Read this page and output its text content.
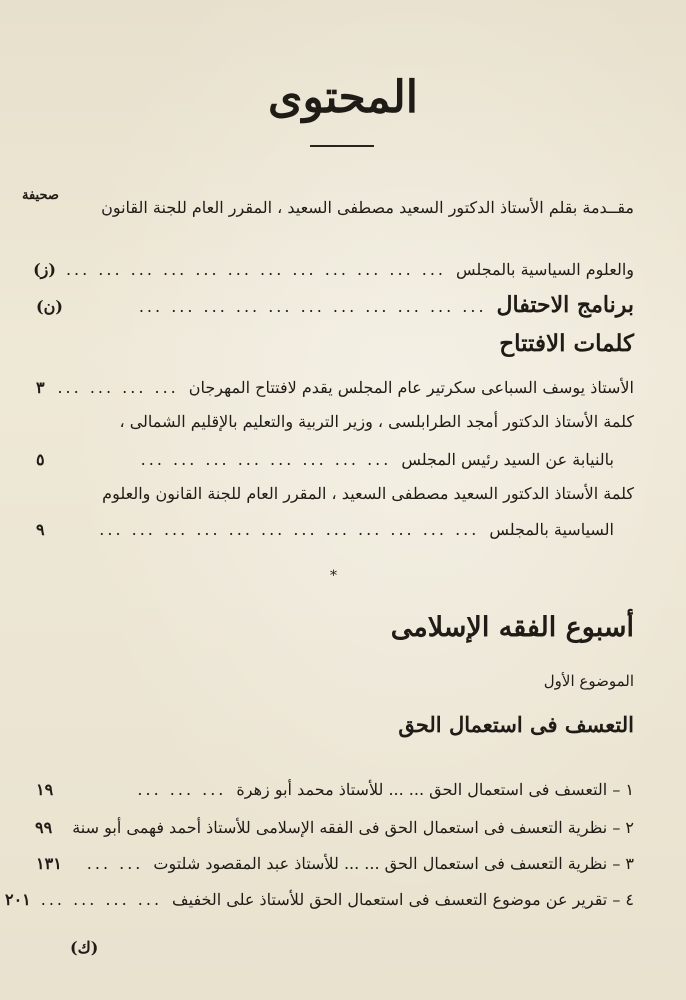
المحتوى
صحيفة
مقــدمة بقلم الأستاذ الدكتور السعيد مصطفى السعيد ، المقرر العام للجنة القانون
والعلوم السياسية بالمجلس
... ... ... ... ... ... ... ... ... ... ... ...
(ز)
برنامج الاحتفال
... ... ... ... ... ... ... ... ... ... ...
(ن)
كلمات الافتتاح
الأستاذ يوسف السباعى سكرتير عام المجلس يقدم لافتتاح المهرجان
... ... ... ...
٣
كلمة الأستاذ الدكتور أمجد الطرابلسى ، وزير التربية والتعليم بالإقليم الشمالى ،
بالنيابة عن السيد رئيس المجلس
... ... ... ... ... ... ... ...
٥
كلمة الأستاذ الدكتور السعيد مصطفى السعيد ، المقرر العام للجنة القانون والعلوم
السياسية بالمجلس
... ... ... ... ... ... ... ... ... ... ... ...
٩
*
أسبوع الفقه الإسلامى
الموضوع الأول
التعسف فى استعمال الحق
١ – التعسف فى استعمال الحق ... ... للأستاذ محمد أبو زهرة
... ... ...
١٩
٢ – نظرية التعسف فى استعمال الحق فى الفقه الإسلامى للأستاذ أحمد فهمى أبو سنة
٩٩
٣ – نظرية التعسف فى استعمال الحق ... ... للأستاذ عبد المقصود شلتوت
... ...
١٣١
٤ – تقرير عن موضوع التعسف فى استعمال الحق للأستاذ على الخفيف
... ... ... ...
٢٠١
(ك)
